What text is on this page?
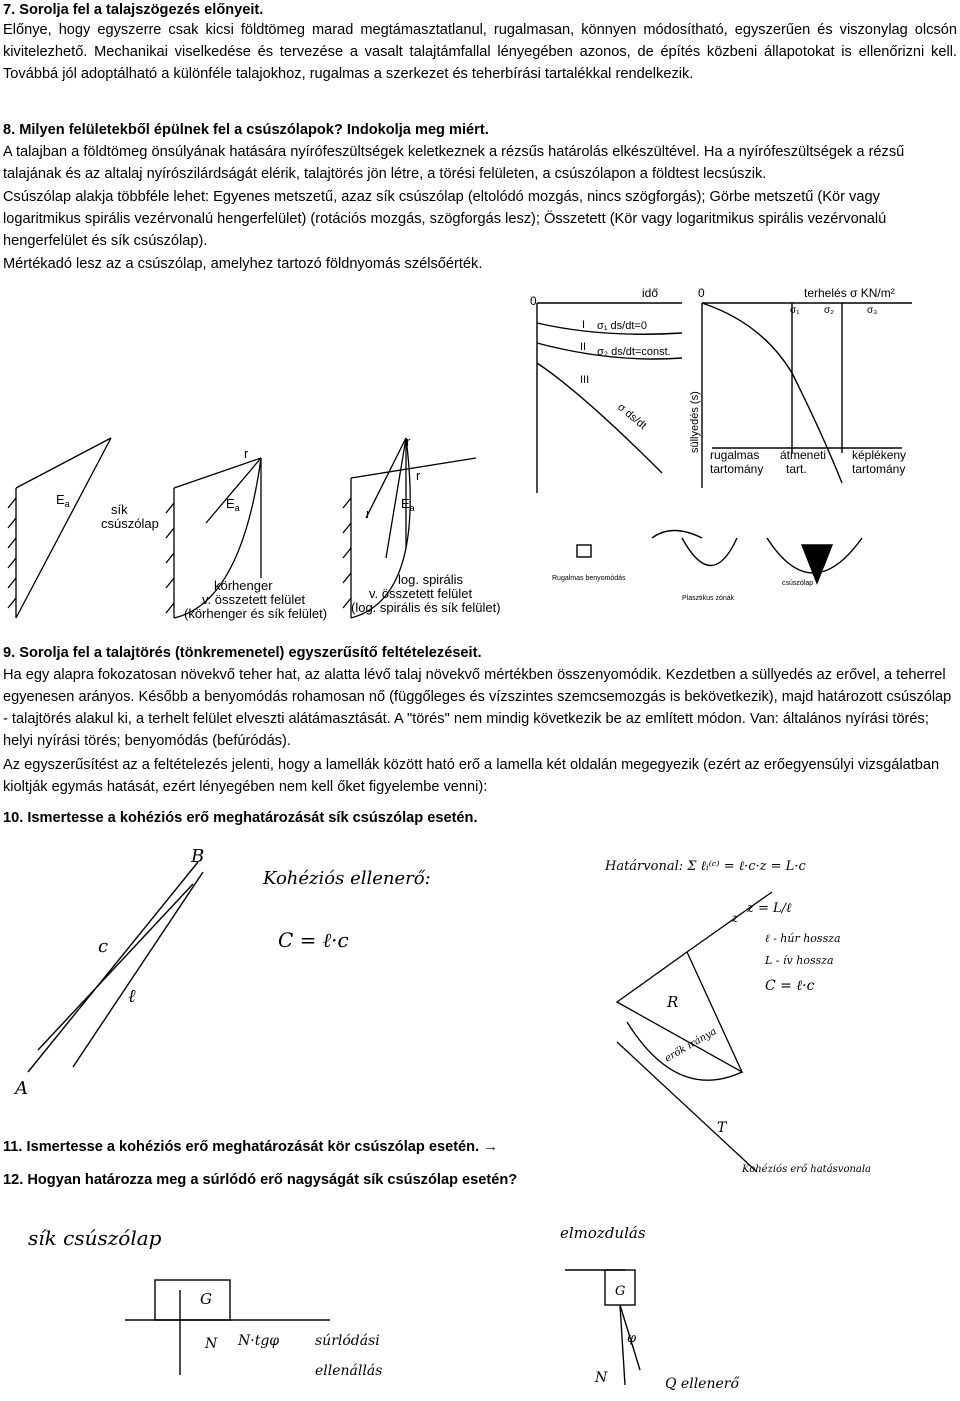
7. Sorolja fel a talajszögezés előnyeit.
Előnye, hogy egyszerre csak kicsi földtömeg marad megtámasztatlanul, rugalmasan, könnyen módosítható, egyszerűen és viszonylag olcsón kivitelezhető. Mechanikai viselkedése és tervezése a vasalt talajtámfallal lényegében azonos, de építés közbeni állapotokat is ellenőrizni kell. Továbbá jól adoptálható a különféle talajokhoz, rugalmas a szerkezet és teherbírási tartalékkal rendelkezik.
8. Milyen felületekből épülnek fel a csúszólapok? Indokolja meg miért.
A talajban a földtömeg önsúlyának hatására nyírófeszültségek keletkeznek a rézsűs határolás elkészültével. Ha a nyírófeszültségek a rézsű talajának és az altalaj nyírószilárdságát elérik, talajtörés jön létre, a törési felületen, a csúszólapon a földtest lecsúszik.
Csúszólap alakja többféle lehet: Egyenes metszetű, azaz sík csúszólap (eltolódó mozgás, nincs szögforgás); Görbe metszetű (Kör vagy logaritmikus spirális vezérvonalú hengerfelület) (rotációs mozgás, szögforgás lesz); Összetett (Kör vagy logaritmikus spirális vezérvonalú hengerfelület és sík csúszólap).
Mértékadó lesz az a csúszólap, amelyhez tartozó földnyomás szélsőérték.
$E_a$	sík
csúszólap
r
$E_a$
körhenger
v. összetett felület
(körhenger és sík felület)
r
r
r
$E_a$
log. spirális
v. összetett felület
(log. spirális és sík felület)
idő	terhelés σ KN/m²
0
0
σ₁ ds/dt=0
σ₂ ds/dt=const.
σ ds/dt
I
II
III
süllyedés (s)
σ₁ σ₂	σ₃
rugalmas átmeneti képlékeny
tartomány tart.	tartomány
Rugalmas benyomódás
Plasztikus zónák
csúszólap
9. Sorolja fel a talajtörés (tönkremenetel) egyszerűsítő feltételezéseit.
Ha egy alapra fokozatosan növekvő teher hat, az alatta lévő talaj növekvő mértékben összenyomódik. Kezdetben a süllyedés az erővel, a teherrel egyenesen arányos. Később a benyomódás rohamosan nő (függőleges és vízszintes szemcsemozgás is bekövetkezik), majd határozott csúszólap - talajtörés alakul ki, a terhelt felület elveszti alátámasztását. A "törés" nem mindig következik be az említett módon. Van: általános nyírási törés; helyi nyírási törés; benyomódás (befúródás).
Az egyszerűsítést az a feltételezés jelenti, hogy a lamellák között ható erő a lamella két oldalán megegyezik (ezért az erőegyensúlyi vizsgálatban kioltják egymás hatását, ezért lényegében nem kell őket figyelembe venni):
10. Ismertesse a kohéziós erő meghatározását sík csúszólap esetén.
B
Kohéziós ellenerő:
C = ℓ·c
c
ℓ
A
Határvonal: Σ ℓᵢ⁽ᶜ⁾ = ℓ·c·z = L·c
z = L/ℓ
ℓ - húr hossza
L - ív hossza
C = ℓ·c
z
R
erők iránya
T
Kohéziós erő hatásvonala
11. Ismertesse a kohéziós erő meghatározását kör csúszólap esetén. →
12. Hogyan határozza meg a súrlódó erő nagyságát sík csúszólap esetén?
sík csúszólap
G
N N·tgφ	súrlódási
ellenállás
elmozdulás
G
φ
N	Q ellenerő
